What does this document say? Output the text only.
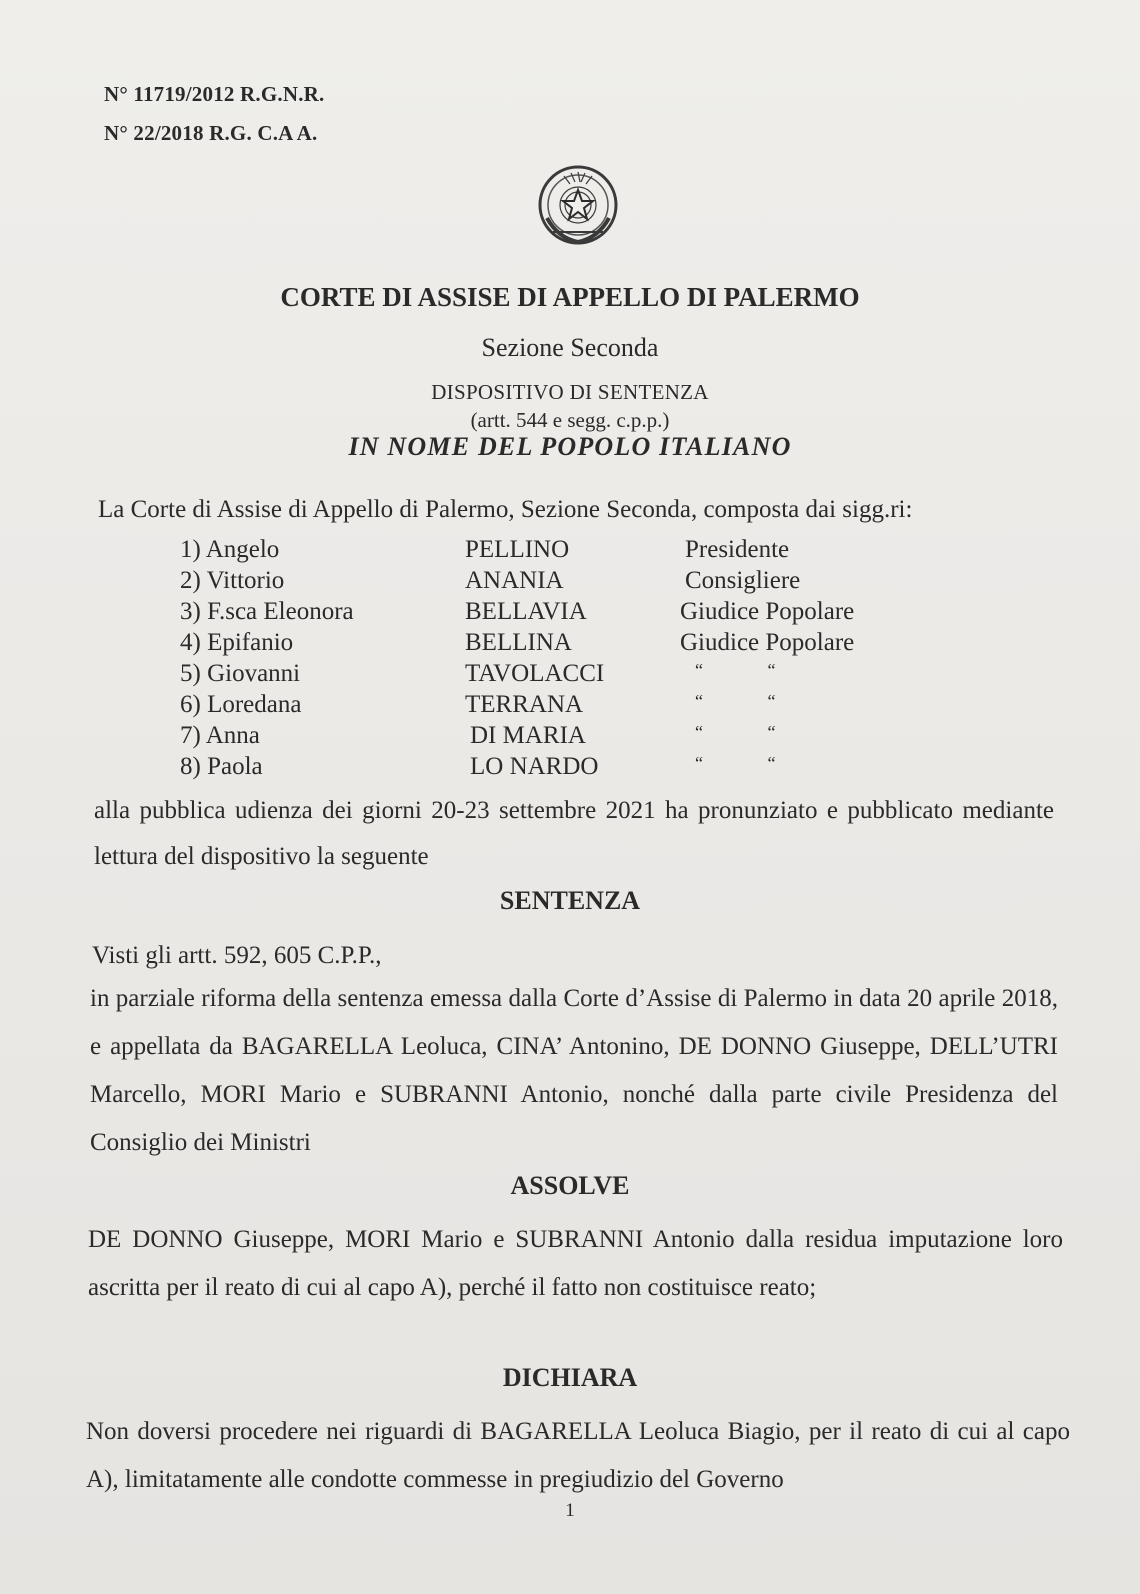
N° 11719/2012 R.G.N.R.
N° 22/2018 R.G. C.A A.
CORTE DI ASSISE DI APPELLO DI PALERMO
Sezione Seconda
DISPOSITIVO DI SENTENZA
(artt. 544 e segg. c.p.p.)
IN NOME DEL POPOLO ITALIANO
La Corte di Assise di Appello di Palermo, Sezione Seconda, composta dai sigg.ri:
1) Angelo	PELLINO	Presidente
2) Vittorio	ANANIA	Consigliere
3) F.sca Eleonora	BELLAVIA	Giudice Popolare
4) Epifanio	BELLINA	Giudice Popolare
5) Giovanni	TAVOLACCI	“ “
6) Loredana	TERRANA	“ “
7) Anna	DI MARIA	“ “
8) Paola	LO NARDO	“ “
alla pubblica udienza dei giorni 20-23 settembre 2021 ha pronunziato e pubblicato mediante lettura del dispositivo la seguente
SENTENZA
Visti gli artt. 592, 605 C.P.P.,
in parziale riforma della sentenza emessa dalla Corte d’Assise di Palermo in data 20 aprile 2018, e appellata da BAGARELLA Leoluca, CINA’ Antonino, DE DONNO Giuseppe, DELL’UTRI Marcello, MORI Mario e SUBRANNI Antonio, nonché dalla parte civile Presidenza del Consiglio dei Ministri
ASSOLVE
DE DONNO Giuseppe, MORI Mario e SUBRANNI Antonio dalla residua imputazione loro ascritta per il reato di cui al capo A), perché il fatto non costituisce reato;
DICHIARA
Non doversi procedere nei riguardi di BAGARELLA Leoluca Biagio, per il reato di cui al capo A), limitatamente alle condotte commesse in pregiudizio del Governo
1
